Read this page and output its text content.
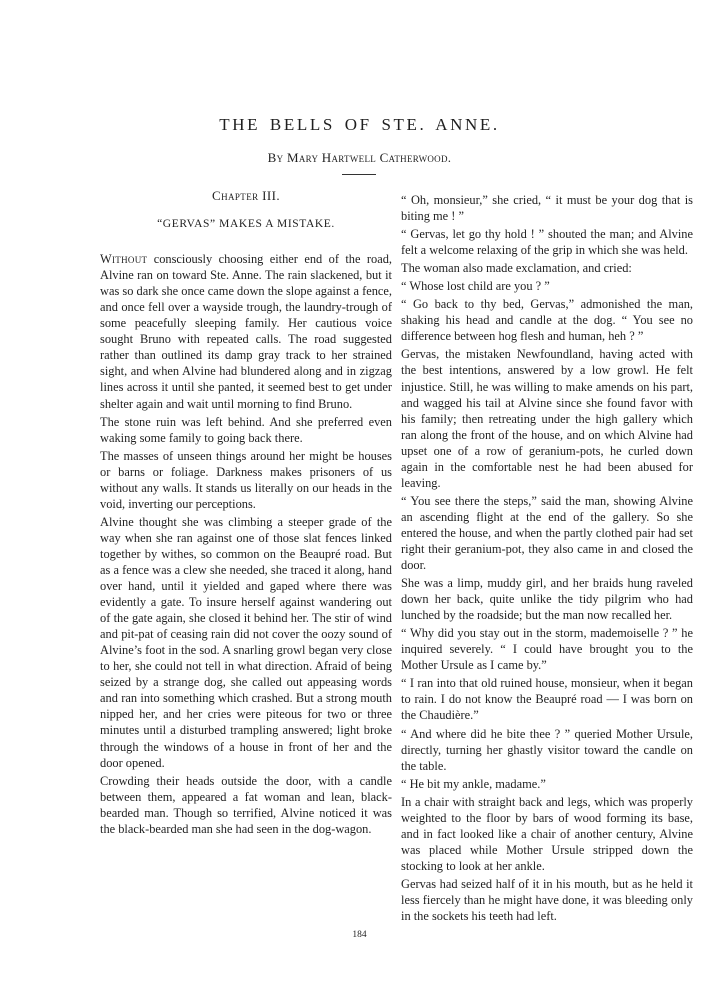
THE BELLS OF STE. ANNE.
By Mary Hartwell Catherwood.
Chapter III.
“GERVAS” MAKES A MISTAKE.

Without consciously choosing either end of the road, Alvine ran on toward Ste. Anne. The rain slackened, but it was so dark she once came down the slope against a fence, and once fell over a wayside trough, the laundry-trough of some peacefully sleeping family. Her cautious voice sought Bruno with repeated calls. The road suggested rather than outlined its damp gray track to her strained sight, and when Alvine had blundered along and in zigzag lines across it until she panted, it seemed best to get under shelter again and wait until morning to find Bruno.

The stone ruin was left behind. And she preferred even waking some family to going back there.

The masses of unseen things around her might be houses or barns or foliage. Darkness makes prisoners of us without any walls. It stands us literally on our heads in the void, inverting our perceptions.

Alvine thought she was climbing a steeper grade of the way when she ran against one of those slat fences linked together by withes, so common on the Beaupré road. But as a fence was a clew she needed, she traced it along, hand over hand, until it yielded and gaped where there was evidently a gate. To insure herself against wandering out of the gate again, she closed it behind her. The stir of wind and pit-pat of ceasing rain did not cover the oozy sound of Alvine’s foot in the sod. A snarling growl began very close to her, she could not tell in what direction. Afraid of being seized by a strange dog, she called out appeasing words and ran into something which crashed. But a strong mouth nipped her, and her cries were piteous for two or three minutes until a disturbed trampling answered; light broke through the windows of a house in front of her and the door opened.

Crowding their heads outside the door, with a candle between them, appeared a fat woman and lean, black-bearded man. Though so terrified, Alvine noticed it was the black-bearded man she had seen in the dog-wagon.

“ Oh, monsieur,” she cried, “ it must be your dog that is biting me ! ”

“ Gervas, let go thy hold ! ” shouted the man; and Alvine felt a welcome relaxing of the grip in which she was held.

The woman also made exclamation, and cried:

“ Whose lost child are you ? ”

“ Go back to thy bed, Gervas,” admonished the man, shaking his head and candle at the dog. “ You see no difference between hog flesh and human, heh ? ”

Gervas, the mistaken Newfoundland, having acted with the best intentions, answered by a low growl. He felt injustice. Still, he was willing to make amends on his part, and wagged his tail at Alvine since she found favor with his family; then retreating under the high gallery which ran along the front of the house, and on which Alvine had upset one of a row of geranium-pots, he curled down again in the comfortable nest he had been abused for leaving.

“ You see there the steps,” said the man, showing Alvine an ascending flight at the end of the gallery. So she entered the house, and when the partly clothed pair had set right their geranium-pot, they also came in and closed the door.

She was a limp, muddy girl, and her braids hung raveled down her back, quite unlike the tidy pilgrim who had lunched by the roadside; but the man now recalled her.

“ Why did you stay out in the storm, mademoiselle ? ” he inquired severely. “ I could have brought you to the Mother Ursule as I came by.”

“ I ran into that old ruined house, monsieur, when it began to rain. I do not know the Beaupré road — I was born on the Chaudière.”

“ And where did he bite thee ? ” queried Mother Ursule, directly, turning her ghastly visitor toward the candle on the table.

“ He bit my ankle, madame.”

In a chair with straight back and legs, which was properly weighted to the floor by bars of wood forming its base, and in fact looked like a chair of another century, Alvine was placed while Mother Ursule stripped down the stocking to look at her ankle.

Gervas had seized half of it in his mouth, but as he held it less fiercely than he might have done, it was bleeding only in the sockets his teeth had left.

184
